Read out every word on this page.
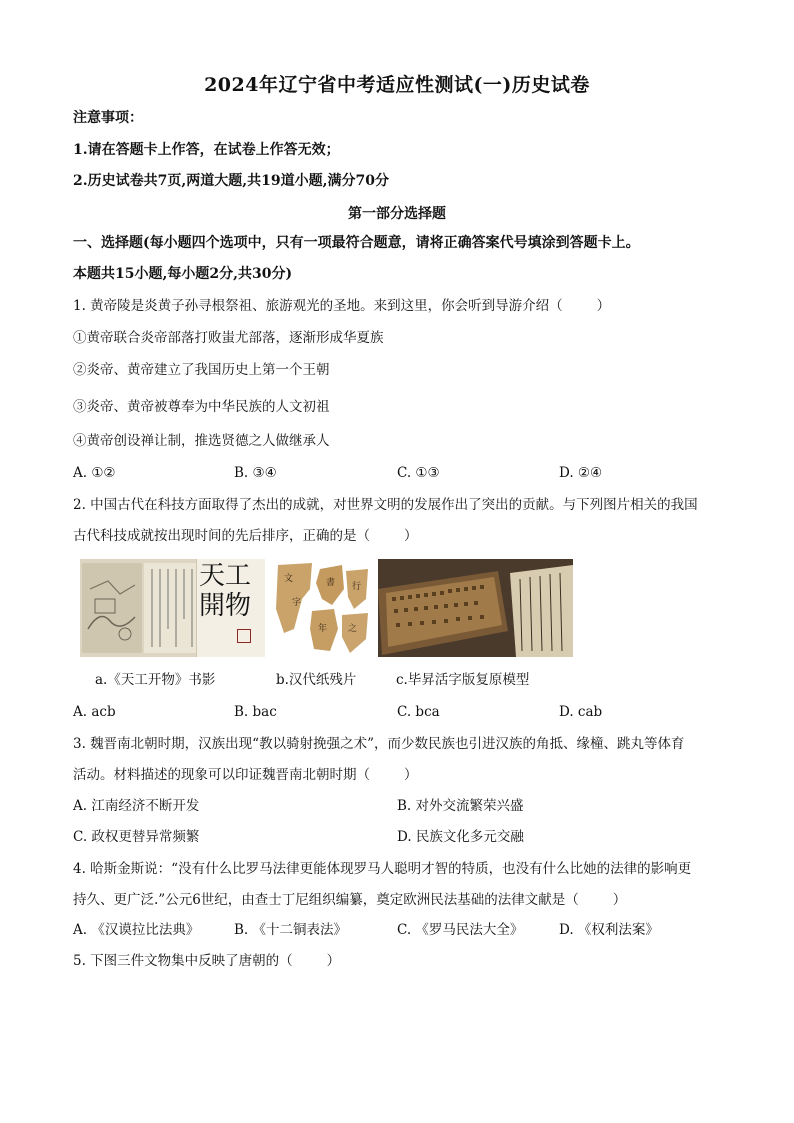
2024年辽宁省中考适应性测试(一)历史试卷
注意事项：
1.请在答题卡上作答，在试卷上作答无效；
2.历史试卷共7页,两道大题,共19道小题,满分70分
第一部分选择题
一、选择题(每小题四个选项中，只有一项最符合题意，请将正确答案代号填涂到答题卡上。
本题共15小题,每小题2分,共30分)
1. 黄帝陵是炎黄子孙寻根祭祖、旅游观光的圣地。来到这里，你会听到导游介绍（	）
①黄帝联合炎帝部落打败蚩尤部落，逐渐形成华夏族
②炎帝、黄帝建立了我国历史上第一个王朝
③炎帝、黄帝被尊奉为中华民族的人文初祖
④黄帝创设禅让制，推选贤德之人做继承人
A. ①②	B. ③④	C. ①③	D. ②④
2. 中国古代在科技方面取得了杰出的成就，对世界文明的发展作出了突出的贡献。与下列图片相关的我国
古代科技成就按出现时间的先后排序，正确的是（	）
天工
開物
文
字
書 行
年 之
a.《天工开物》书影	b.汉代纸残片	c.毕昇活字版复原模型
A. acb	B. bac	C. bca	D. cab
3. 魏晋南北朝时期，汉族出现“教以骑射挽强之术”，而少数民族也引进汉族的角抵、缘橦、跳丸等体育
活动。材料描述的现象可以印证魏晋南北朝时期（	）
A. 江南经济不断开发	B. 对外交流繁荣兴盛
C. 政权更替异常频繁	D. 民族文化多元交融
4. 哈斯金斯说：“没有什么比罗马法律更能体现罗马人聪明才智的特质，也没有什么比她的法律的影响更
持久、更广泛.”公元6世纪，由查士丁尼组织编纂，奠定欧洲民法基础的法律文献是（	）
A. 《汉谟拉比法典》	B. 《十二铜表法》	C. 《罗马民法大全》	D. 《权利法案》
5. 下图三件文物集中反映了唐朝的（	）
